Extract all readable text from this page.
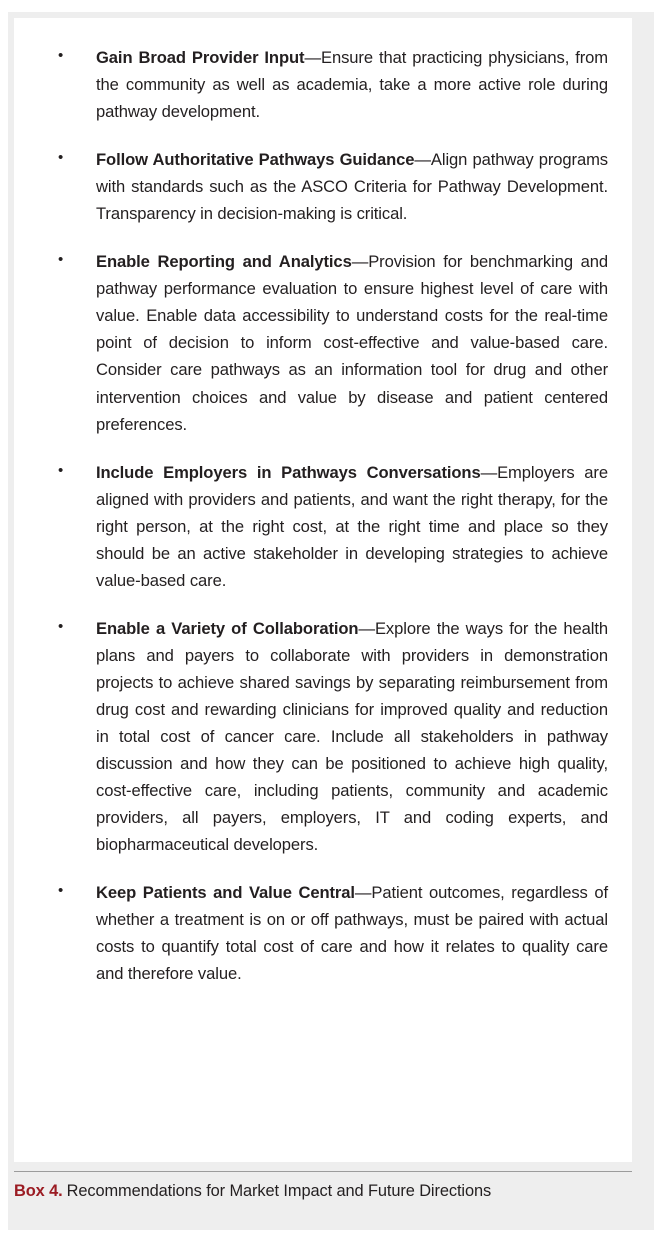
• Gain Broad Provider Input—Ensure that practicing physicians, from the community as well as academia, take a more active role during pathway development.
• Follow Authoritative Pathways Guidance—Align pathway programs with standards such as the ASCO Criteria for Pathway Development. Transparency in decision-making is critical.
• Enable Reporting and Analytics—Provision for benchmarking and pathway performance evaluation to ensure highest level of care with value. Enable data accessibility to understand costs for the real-time point of decision to inform cost-effective and value-based care. Consider care pathways as an information tool for drug and other intervention choices and value by disease and patient centered preferences.
• Include Employers in Pathways Conversations—Employers are aligned with providers and patients, and want the right therapy, for the right person, at the right cost, at the right time and place so they should be an active stakeholder in developing strategies to achieve value-based care.
• Enable a Variety of Collaboration—Explore the ways for the health plans and payers to collaborate with providers in demonstration projects to achieve shared savings by separating reimbursement from drug cost and rewarding clinicians for improved quality and reduction in total cost of cancer care. Include all stakeholders in pathway discussion and how they can be positioned to achieve high quality, cost-effective care, including patients, community and academic providers, all payers, employers, IT and coding experts, and biopharmaceutical developers.
• Keep Patients and Value Central—Patient outcomes, regardless of whether a treatment is on or off pathways, must be paired with actual costs to quantify total cost of care and how it relates to quality care and therefore value.
Box 4. Recommendations for Market Impact and Future Directions
